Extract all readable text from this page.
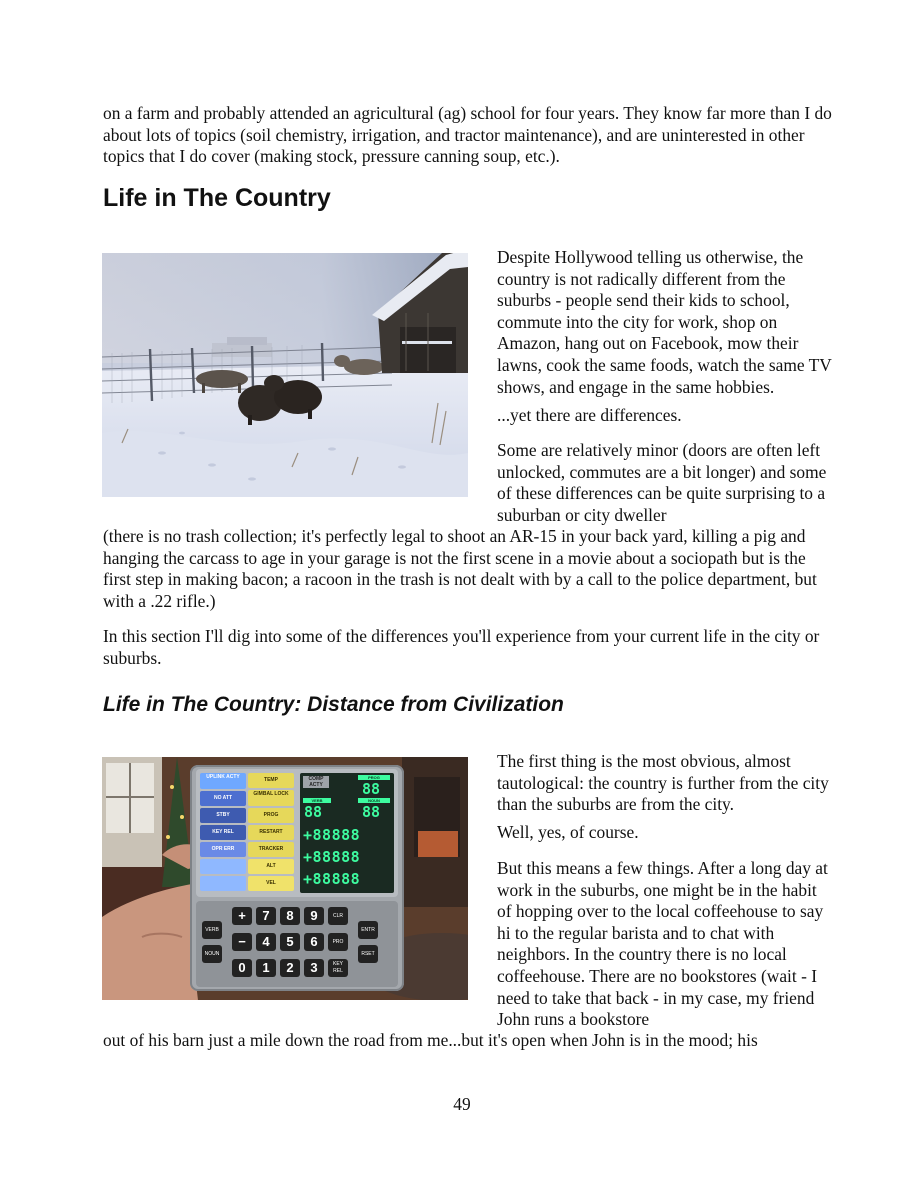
on a farm and probably attended an agricultural (ag) school for four years. They know far more than I do about lots of topics (soil chemistry, irrigation, and tractor maintenance), and are uninterested in other topics that I do cover (making stock, pressure canning soup, etc.).

Life in The Country

Despite Hollywood telling us otherwise, the country is not radically different from the suburbs - people send their kids to school, commute into the city for work, shop on Amazon, hang out on Facebook, mow their lawns, cook the same foods, watch the same TV shows, and engage in the same hobbies.

...yet there are differences.

Some are relatively minor (doors are often left unlocked, commutes are a bit longer) and some of these differences can be quite surprising to a suburban or city dweller

(there is no trash collection; it's perfectly legal to shoot an AR-15 in your back yard, killing a pig and hanging the carcass to age in your garage is not the first scene in a movie about a sociopath but is the first step in making bacon; a racoon in the trash is not dealt with by a call to the police department, but with a .22 rifle.)

In this section I'll dig into some of the differences you'll experience from your current life in the city or suburbs.

Life in The Country: Distance from Civilization
UPLINK ACTY
NO ATT
STBY
KEY REL
OPR ERR
TEMP
GIMBAL LOCK
PROG
RESTART
TRACKER
ALT
VEL
COMP ACTY
PROG
88
VERB	NOUN
88	88
+88888
+88888
+88888
VERB
+	7	8	9	CLR
ENTR
NOUN
−	4	5	6	PRO
RSET
0	1	2	3	KEY REL

The first thing is the most obvious, almost tautological: the country is further from the city than the suburbs are from the city.

Well, yes, of course.

But this means a few things. After a long day at work in the suburbs, one might be in the habit of hopping over to the local coffeehouse to say hi to the regular barista and to chat with neighbors. In the country there is no local coffeehouse. There are no bookstores (wait - I need to take that back - in my case, my friend John runs a bookstore

out of his barn just a mile down the road from me...but it's open when John is in the mood; his

49
